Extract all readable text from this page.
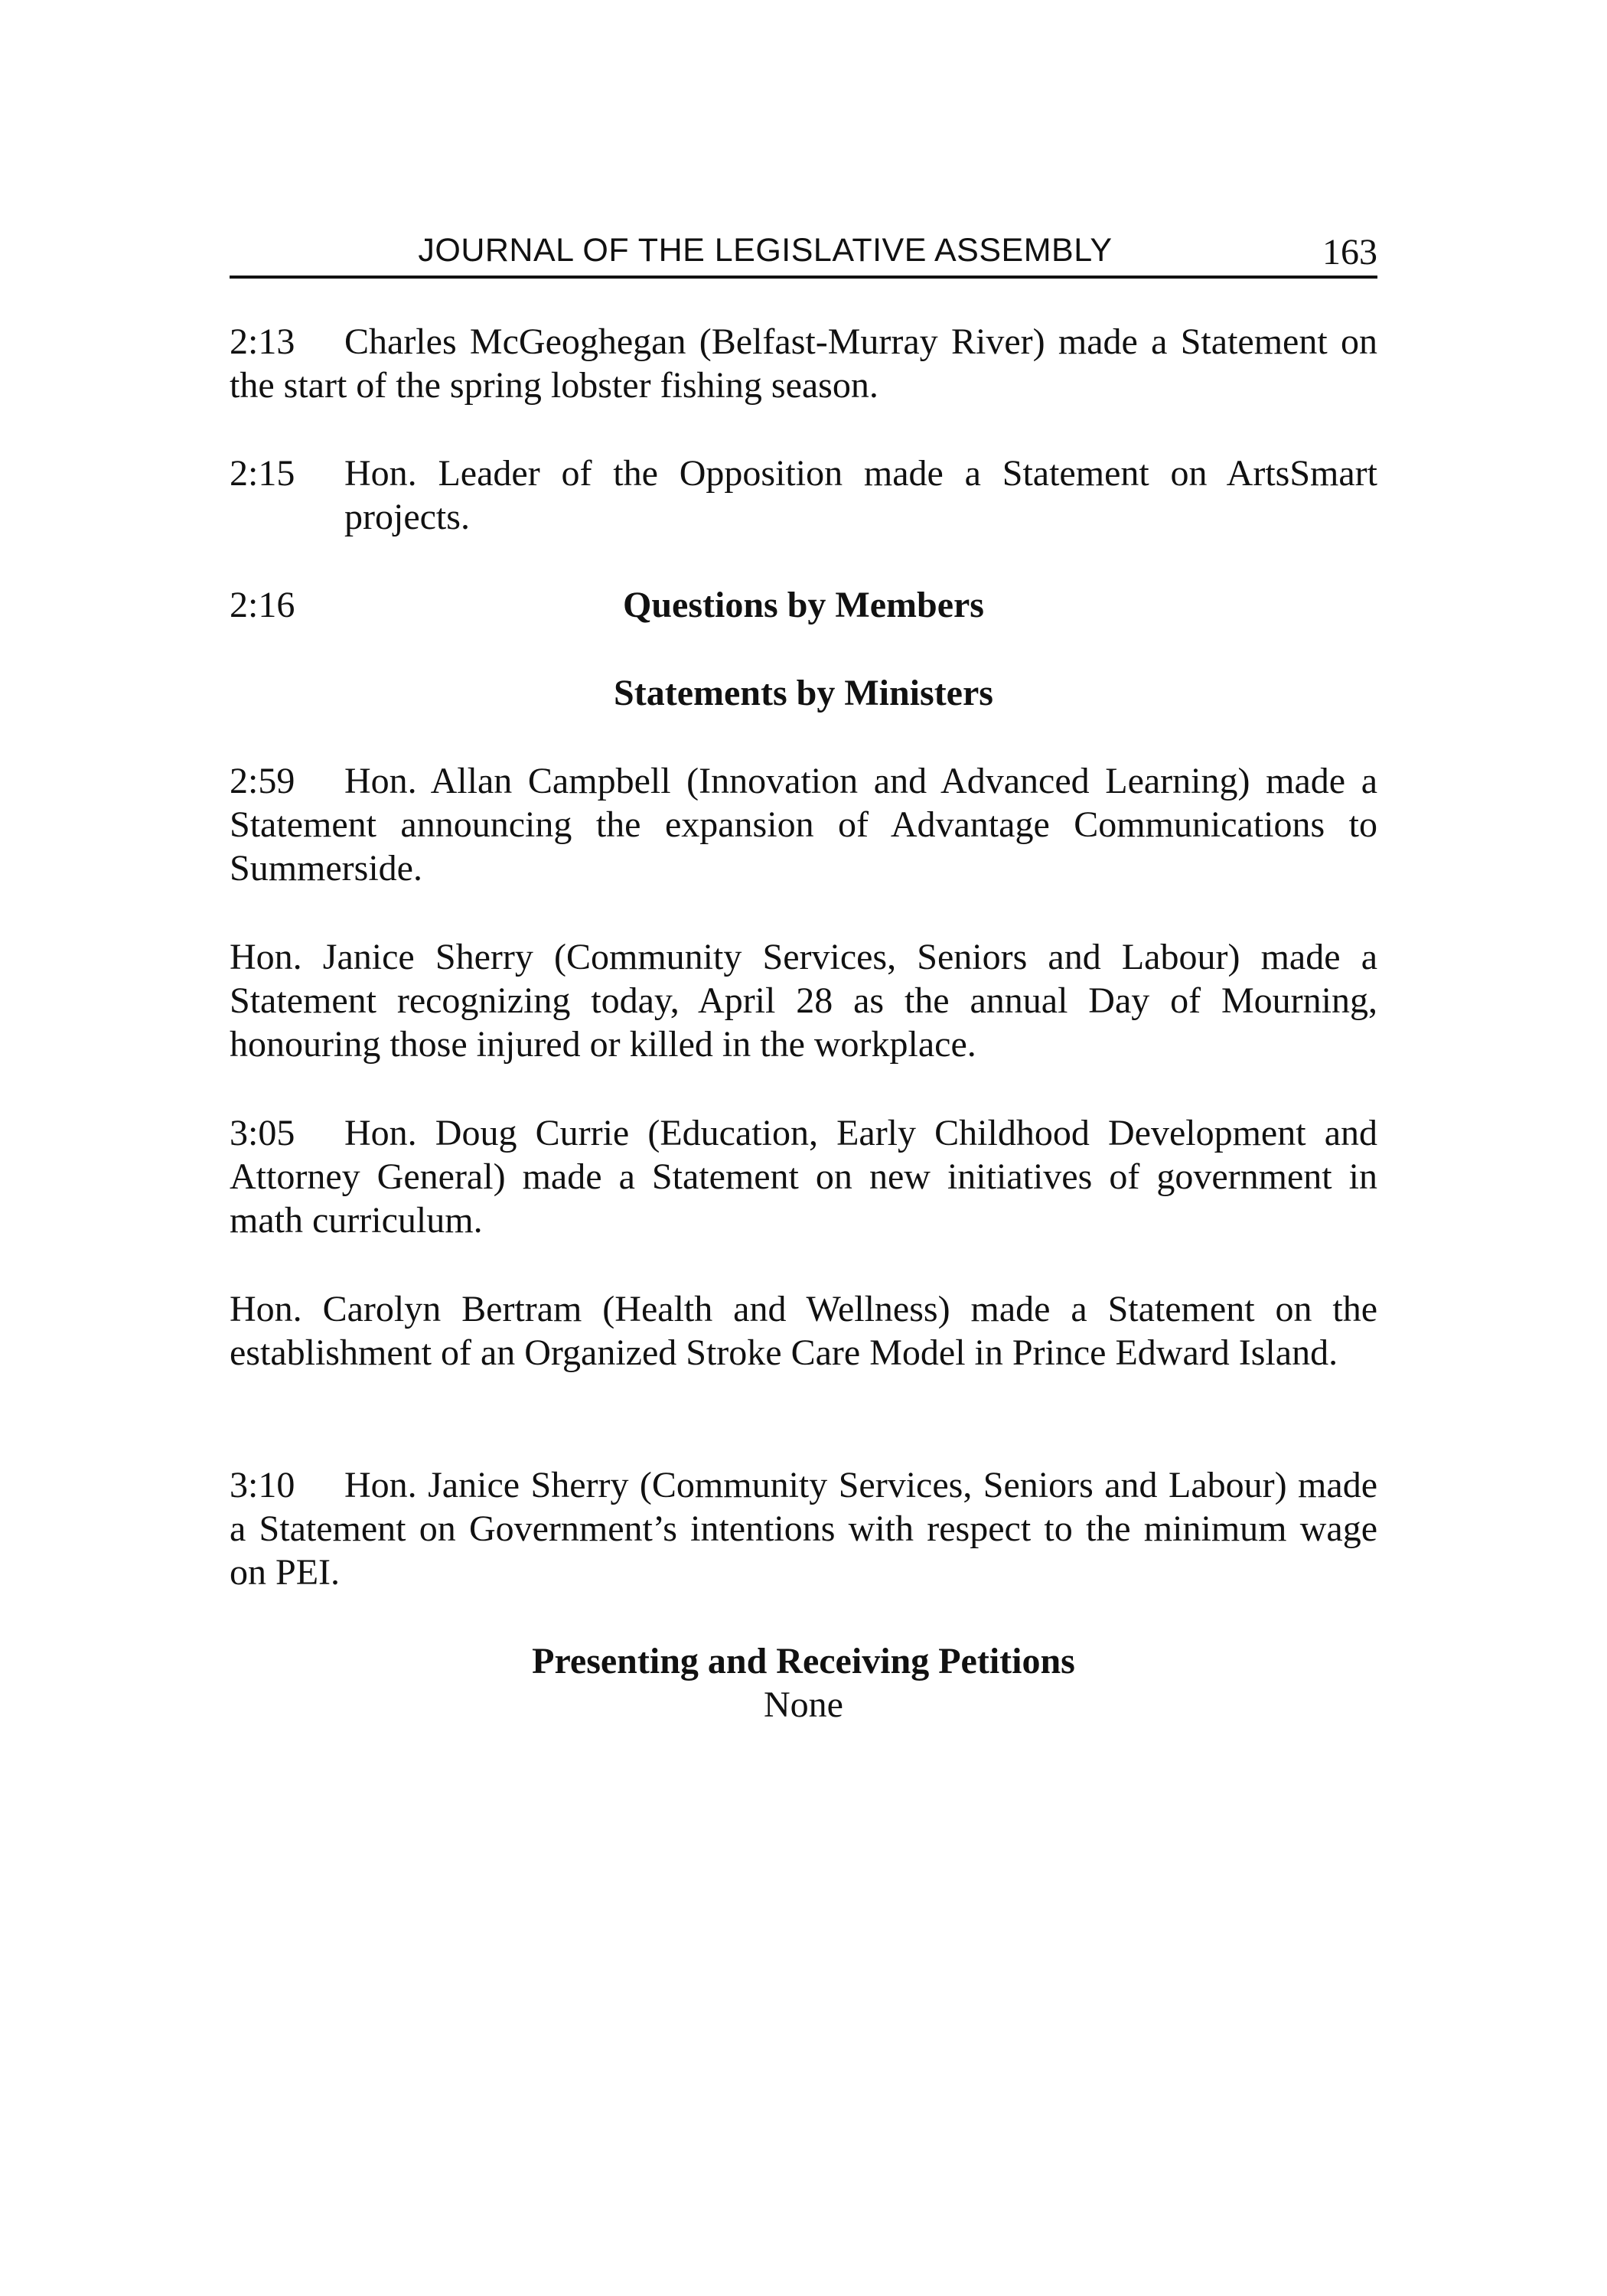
JOURNAL OF THE LEGISLATIVE ASSEMBLY	163
2:13 Charles McGeoghegan (Belfast-Murray River) made a Statement on the start of the spring lobster fishing season.
2:15	Hon. Leader of the Opposition made a Statement on ArtsSmart projects.
2:16	Questions by Members
Statements by Ministers
2:59 Hon. Allan Campbell (Innovation and Advanced Learning) made a Statement announcing the expansion of Advantage Communications to Summerside.
Hon. Janice Sherry (Community Services, Seniors and Labour) made a Statement recognizing today, April 28 as the annual Day of Mourning, honouring those injured or killed in the workplace.
3:05 Hon. Doug Currie (Education, Early Childhood Development and Attorney General) made a Statement on new initiatives of government in math curriculum.
Hon. Carolyn Bertram (Health and Wellness) made a Statement on the establishment of an Organized Stroke Care Model in Prince Edward Island.
3:10 Hon. Janice Sherry (Community Services, Seniors and Labour) made a Statement on Government’s intentions with respect to the minimum wage on PEI.
Presenting and Receiving Petitions
None
